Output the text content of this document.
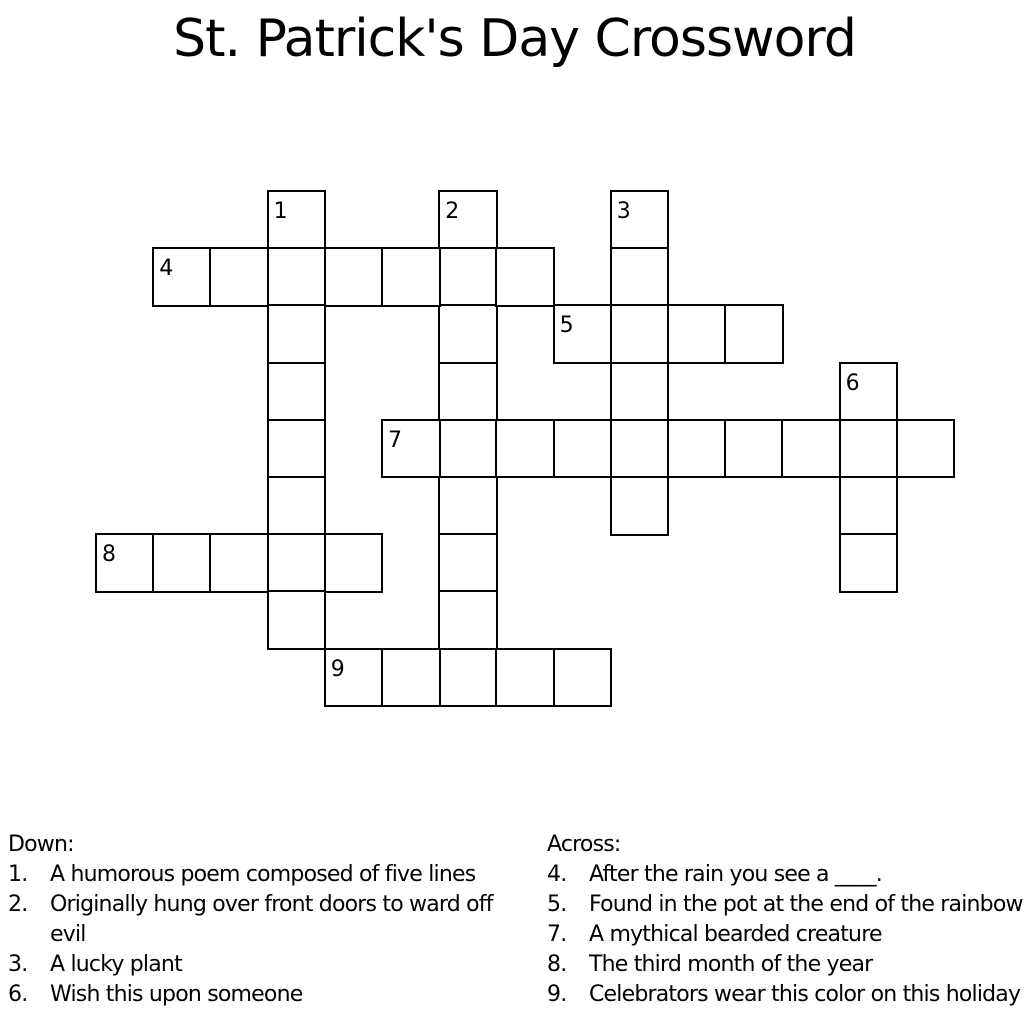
St. Patrick's Day Crossword
1	2	3
6
4
5
7
8
9
Down:
1.	A humorous poem composed of five lines
2.	Originally hung over front doors to ward off evil
3.	A lucky plant
6.	Wish this upon someone
Across:
4.	After the rain you see a ____.
5.	Found in the pot at the end of the rainbow
7.	A mythical bearded creature
8.	The third month of the year
9.	Celebrators wear this color on this holiday
